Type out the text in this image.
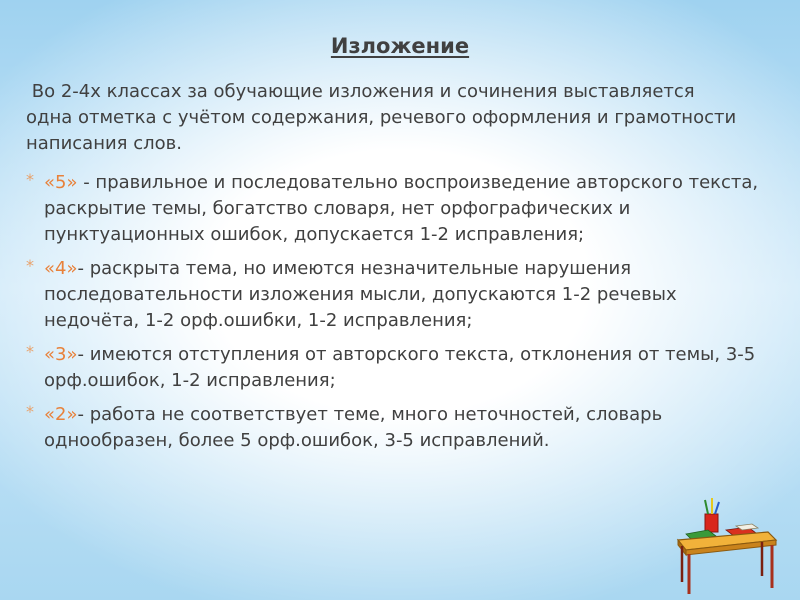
Изложение
Во 2-4х классах за обучающие изложения и сочинения выставляется одна отметка с учётом содержания, речевого оформления и грамотности написания слов.
* «5» - правильное и последовательно воспроизведение авторского текста, раскрытие темы, богатство словаря, нет орфографических и пунктуационных ошибок, допускается 1-2 исправления;
* «4»- раскрыта тема, но имеются незначительные нарушения последовательности изложения мысли, допускаются 1-2 речевых недочёта, 1-2 орф.ошибки, 1-2 исправления;
* «3»- имеются отступления от авторского текста, отклонения от темы, 3-5 орф.ошибок, 1-2 исправления;
* «2»- работа не соответствует теме, много неточностей, словарь однообразен, более 5 орф.ошибок, 3-5 исправлений.
